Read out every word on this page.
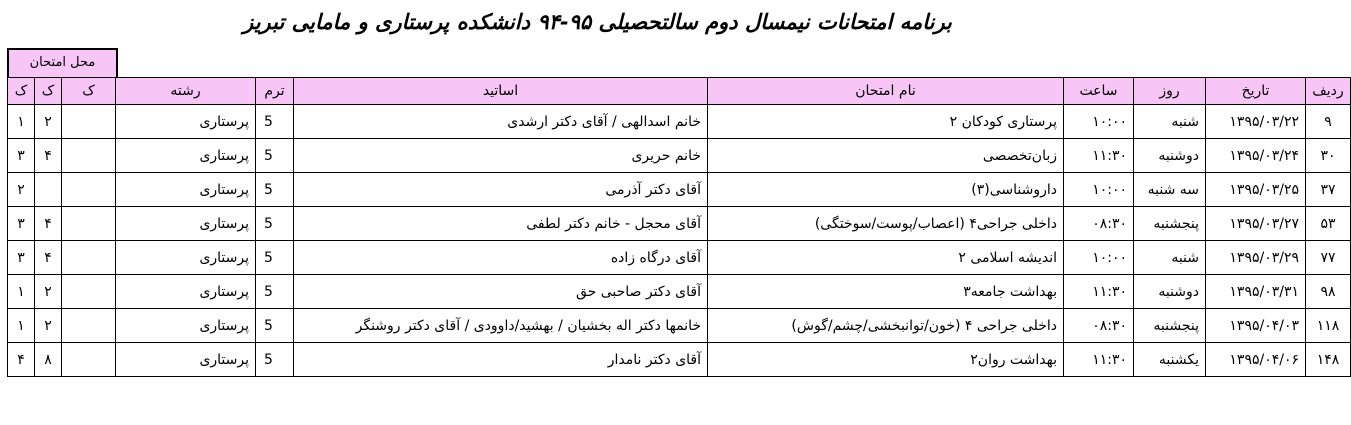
برنامه امتحانات نیمسال دوم سالتحصیلی ۹۵-۹۴ دانشکده پرستاری و مامایی تبریز
محل امتحان
ک	ک	ک	رشته	ترم	اساتید	نام امتحان	ساعت	روز	تاریخ	ردیف
۱	۲		پرستاری	5	خانم اسدالهی / آقای دکتر ارشدی	پرستاری کودکان ۲	۱۰:۰۰	شنبه	۱۳۹۵/۰۳/۲۲	۹
۳	۴		پرستاری	5	خانم حریری	زبان‌تخصصی	۱۱:۳۰	دوشنبه	۱۳۹۵/۰۳/۲۴	۳۰
۲			پرستاری	5	آقای دکتر آذرمی	داروشناسی(۳)	۱۰:۰۰	سه شنبه	۱۳۹۵/۰۳/۲۵	۳۷
۳	۴		پرستاری	5	آقای محجل - خانم دکتر لطفی	داخلی جراحی۴ (اعصاب/پوست/سوختگی)	۰۸:۳۰	پنجشنبه	۱۳۹۵/۰۳/۲۷	۵۳
۳	۴		پرستاری	5	آقای درگاه زاده	اندیشه اسلامی ۲	۱۰:۰۰	شنبه	۱۳۹۵/۰۳/۲۹	۷۷
۱	۲		پرستاری	5	آقای دکتر صاحبی حق	بهداشت جامعه۳	۱۱:۳۰	دوشنبه	۱۳۹۵/۰۳/۳۱	۹۸
۱	۲		پرستاری	5	خانمها دکتر اله بخشیان / بهشید/داوودی / آقای دکتر روشنگر	داخلی جراحی ۴ (خون/توانبخشی/چشم/گوش)	۰۸:۳۰	پنجشنبه	۱۳۹۵/۰۴/۰۳	۱۱۸
۴	۸		پرستاری	5	آقای دکتر نامدار	بهداشت روان۲	۱۱:۳۰	یکشنبه	۱۳۹۵/۰۴/۰۶	۱۴۸
